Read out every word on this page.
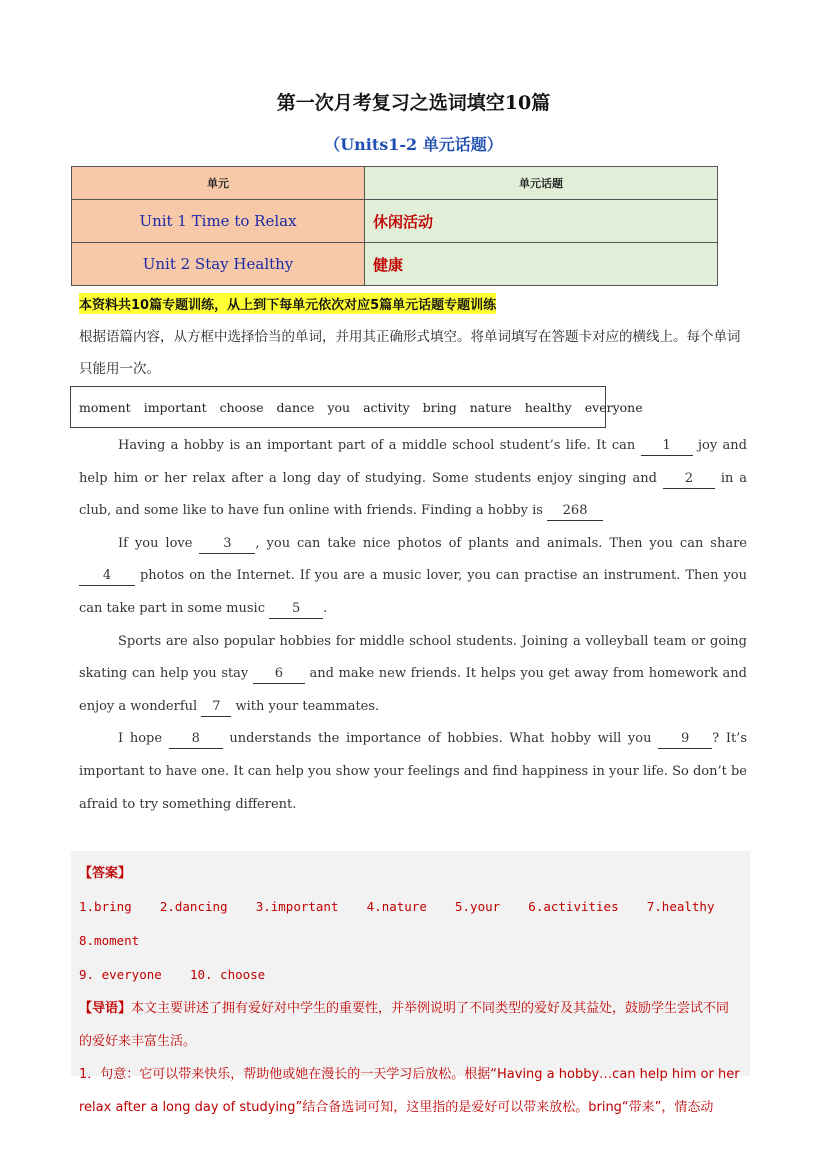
第一次月考复习之选词填空10篇
（Units1-2 单元话题）
单元	单元话题
Unit 1 Time to Relax	休闲活动
Unit 2 Stay Healthy	健康
本资料共10篇专题训练，从上到下每单元依次对应5篇单元话题专题训练
根据语篇内容，从方框中选择恰当的单词，并用其正确形式填空。将单词填写在答题卡对应的横线上。每个单词只能用一次。
moment important choose dance you activity bring nature healthy everyone

Having a hobby is an important part of a middle school student’s life. It can 1 joy and help him or her relax after a long day of studying. Some students enjoy singing and 2 in a club, and some like to have fun online with friends. Finding a hobby is 268

If you love 3 , you can take nice photos of plants and animals. Then you can share 4 photos on the Internet. If you are a music lover, you can practise an instrument. Then you can take part in some music 5 .

Sports are also popular hobbies for middle school students. Joining a volleyball team or going skating can help you stay 6 and make new friends. It helps you get away from homework and enjoy a wonderful 7 with your teammates.

I hope 8 understands the importance of hobbies. What hobby will you 9 ? It’s important to have one. It can help you show your feelings and find happiness in your life. So don’t be afraid to try something different.

【答案】
1.bring 2.dancing 3.important 4.nature 5.your 6.activities 7.healthy 8.moment
9. everyone 10. choose
【导语】本文主要讲述了拥有爱好对中学生的重要性，并举例说明了不同类型的爱好及其益处，鼓励学生尝试不同的爱好来丰富生活。
1．句意：它可以带来快乐，帮助他或她在漫长的一天学习后放松。根据“Having a hobby…can help him or her relax after a long day of studying”结合备选词可知，这里指的是爱好可以带来放松。bring“带来”，情态动
